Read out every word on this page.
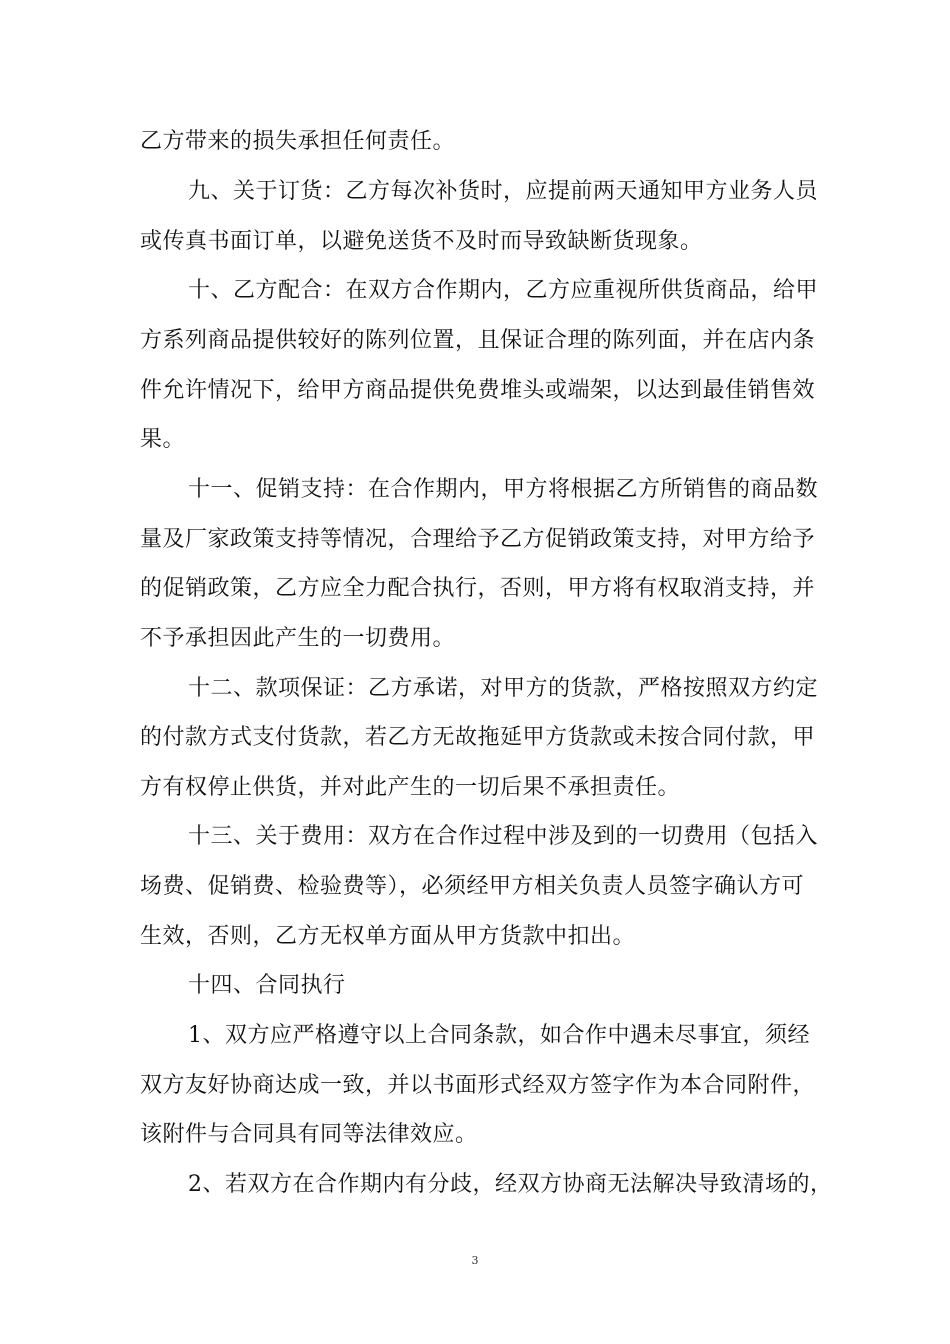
乙方带来的损失承担任何责任。

九、关于订货：乙方每次补货时，应提前两天通知甲方业务人员

或传真书面订单，以避免送货不及时而导致缺断货现象。

十、乙方配合：在双方合作期内，乙方应重视所供货商品，给甲

方系列商品提供较好的陈列位置，且保证合理的陈列面，并在店内条

件允许情况下，给甲方商品提供免费堆头或端架，以达到最佳销售效

果。

十一、促销支持：在合作期内，甲方将根据乙方所销售的商品数

量及厂家政策支持等情况，合理给予乙方促销政策支持，对甲方给予

的促销政策，乙方应全力配合执行，否则，甲方将有权取消支持，并

不予承担因此产生的一切费用。

十二、款项保证：乙方承诺，对甲方的货款，严格按照双方约定

的付款方式支付货款，若乙方无故拖延甲方货款或未按合同付款，甲

方有权停止供货，并对此产生的一切后果不承担责任。

十三、关于费用：双方在合作过程中涉及到的一切费用（包括入

场费、促销费、检验费等），必须经甲方相关负责人员签字确认方可

生效，否则，乙方无权单方面从甲方货款中扣出。

十四、合同执行

1、双方应严格遵守以上合同条款，如合作中遇未尽事宜，须经

双方友好协商达成一致，并以书面形式经双方签字作为本合同附件，

该附件与合同具有同等法律效应。

2、若双方在合作期内有分歧，经双方协商无法解决导致清场的，

3
